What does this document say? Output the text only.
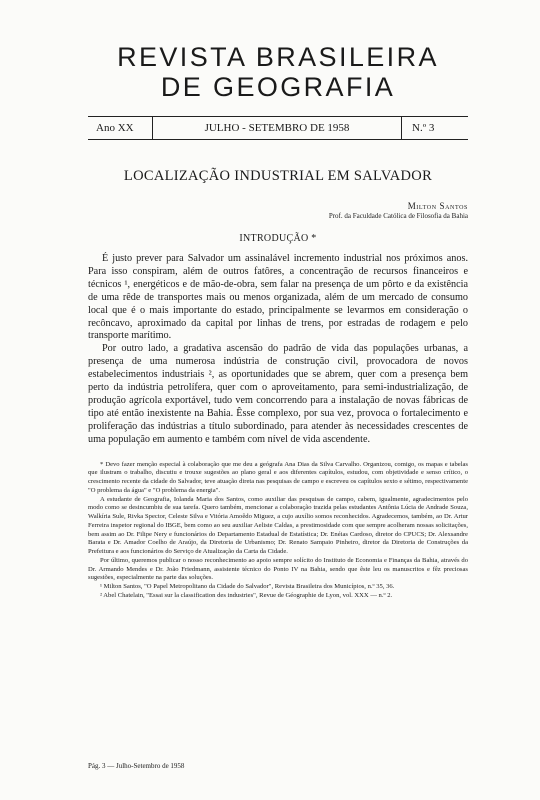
REVISTA BRASILEIRA
DE GEOGRAFIA
Ano XX	JULHO - SETEMBRO DE 1958	N.º 3
LOCALIZAÇÃO INDUSTRIAL EM SALVADOR
Milton Santos
Prof. da Faculdade Católica de Filosofia da Bahia
INTRODUÇÃO *

É justo prever para Salvador um assinalável incremento industrial nos próximos anos. Para isso conspiram, além de outros fatôres, a concentração de recursos financeiros e técnicos ¹, energéticos e de mão-de-obra, sem falar na presença de um pôrto e da existência de uma rêde de transportes mais ou menos organizada, além de um mercado de consumo local que é o mais importante do estado, principalmente se levarmos em consideração o recôncavo, aproximado da capital por linhas de trens, por estradas de rodagem e pelo transporte marítimo.

Por outro lado, a gradativa ascensão do padrão de vida das populações urbanas, a presença de uma numerosa indústria de construção civil, provocadora de novos estabelecimentos industriais ², as oportunidades que se abrem, quer com a presença bem perto da indústria petrolífera, quer com o aproveitamento, para semi-industrialização, de produção agrícola exportável, tudo vem concorrendo para a instalação de novas fábricas de tipo até então inexistente na Bahia. Êsse complexo, por sua vez, provoca o fortalecimento e proliferação das indústrias a título subordinado, para atender às necessidades crescentes de uma população em aumento e também com nível de vida ascendente.

* Devo fazer menção especial à colaboração que me deu a geógrafa Ana Dias da Silva Carvalho. Organizou, comigo, os mapas e tabelas que ilustram o trabalho, discutiu e trouxe sugestões ao plano geral e aos diferentes capítulos, estudou, com objetividade e senso crítico, o crescimento recente da cidade do Salvador, teve atuação direta nas pesquisas de campo e escreveu os capítulos sexto e sétimo, respectivamente "O problema da água" e "O problema da energia".

A estudante de Geografia, Iolanda Maria dos Santos, como auxiliar das pesquisas de campo, cabem, igualmente, agradecimentos pelo modo como se desincumbiu de sua tarefa. Quero também, mencionar a colaboração trazida pelas estudantes Antônia Lúcia de Andrade Souza, Walkíria Sule, Rivka Spector, Celeste Silva e Vitória Amoêdo Miguez, a cujo auxílio somos reconhecidos. Agradecemos, também, ao Dr. Artur Ferreira inspetor regional do IBGE, bem como ao seu auxiliar Aeliste Caldas, a prestimosidade com que sempre acolheram nossas solicitações, bem assim ao Dr. Filipe Nery e funcionários do Departamento Estadual de Estatística; Dr. Enéias Cardoso, diretor do CPUCS; Dr. Alexsandre Barata e Dr. Amador Coelho de Araújo, da Diretoria de Urbanismo; Dr. Renato Sampaio Pinheiro, diretor da Diretoria de Construções da Prefeitura e aos funcionários do Serviço de Atualização da Carta da Cidade.

Por último, queremos publicar o nosso reconhecimento ao apoio sempre solícito do Instituto de Economia e Finanças da Bahia, através do Dr. Armando Mendes e Dr. João Friedmann, assistente técnico do Ponto IV na Bahia, sendo que êste leu os manuscritos e fêz preciosas sugestões, especialmente na parte das soluções.

¹ Milton Santos, "O Papel Metropolitano da Cidade do Salvador", Revista Brasileira dos Municípios, n.º 35, 36.

² Abel Chatelain, "Essai sur la classification des industries", Revue de Géographie de Lyon, vol. XXX — n.º 2.

Pág. 3 — Julho-Setembro de 1958
